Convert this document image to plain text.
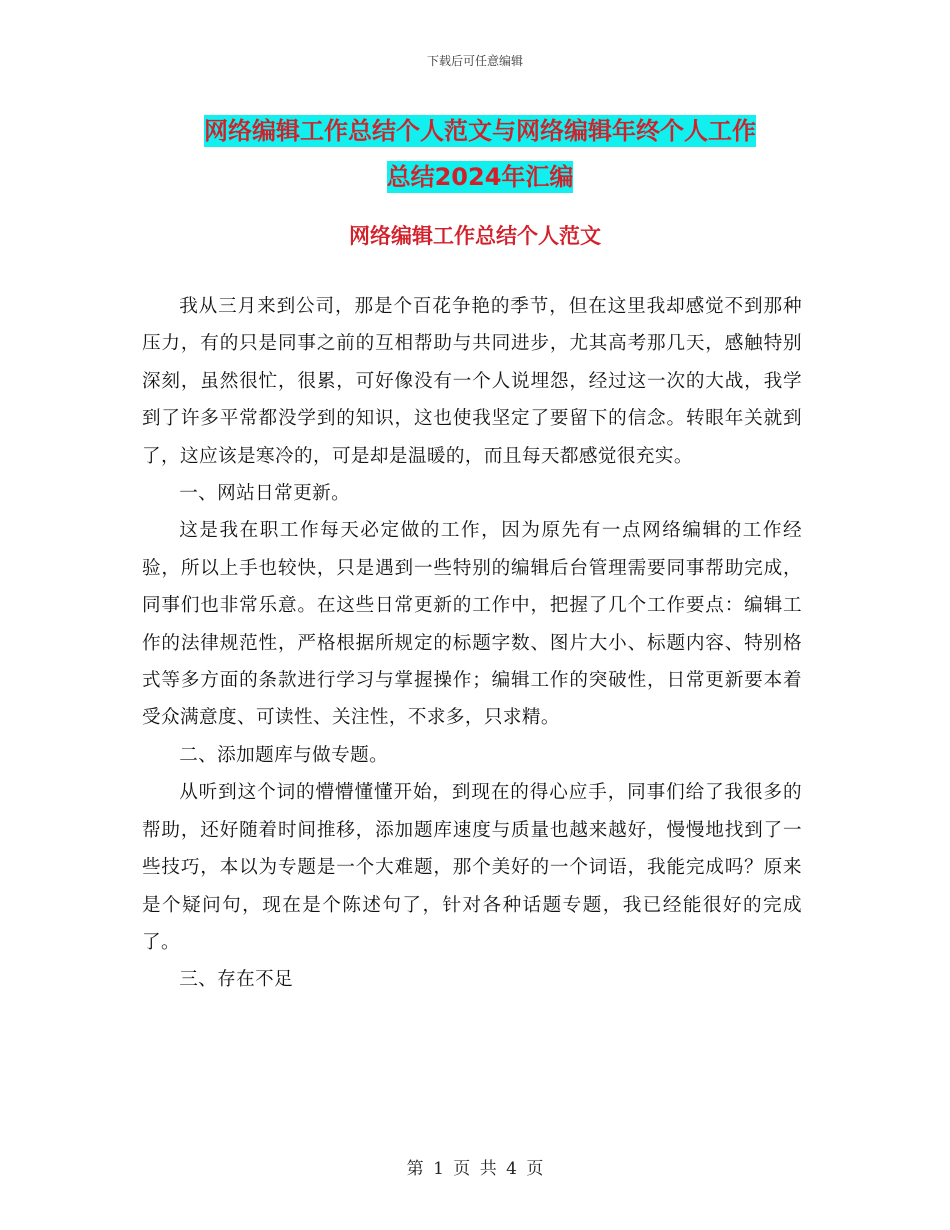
下载后可任意编辑
网络编辑工作总结个人范文与网络编辑年终个人工作
总结2024年汇编
网络编辑工作总结个人范文

我从三月来到公司，那是个百花争艳的季节，但在这里我却感觉不到那种压力，有的只是同事之前的互相帮助与共同进步，尤其高考那几天，感触特别深刻，虽然很忙，很累，可好像没有一个人说埋怨，经过这一次的大战，我学到了许多平常都没学到的知识，这也使我坚定了要留下的信念。转眼年关就到了，这应该是寒冷的，可是却是温暖的，而且每天都感觉很充实。

一、网站日常更新。

这是我在职工作每天必定做的工作，因为原先有一点网络编辑的工作经验，所以上手也较快，只是遇到一些特别的编辑后台管理需要同事帮助完成，同事们也非常乐意。在这些日常更新的工作中，把握了几个工作要点：编辑工作的法律规范性，严格根据所规定的标题字数、图片大小、标题内容、特别格式等多方面的条款进行学习与掌握操作；编辑工作的突破性，日常更新要本着受众满意度、可读性、关注性，不求多，只求精。

二、添加题库与做专题。

从听到这个词的懵懵懂懂开始，到现在的得心应手，同事们给了我很多的帮助，还好随着时间推移，添加题库速度与质量也越来越好，慢慢地找到了一些技巧，本以为专题是一个大难题，那个美好的一个词语，我能完成吗？原来是个疑问句，现在是个陈述句了，针对各种话题专题，我已经能很好的完成了。

三、存在不足

第 1 页 共 4 页
